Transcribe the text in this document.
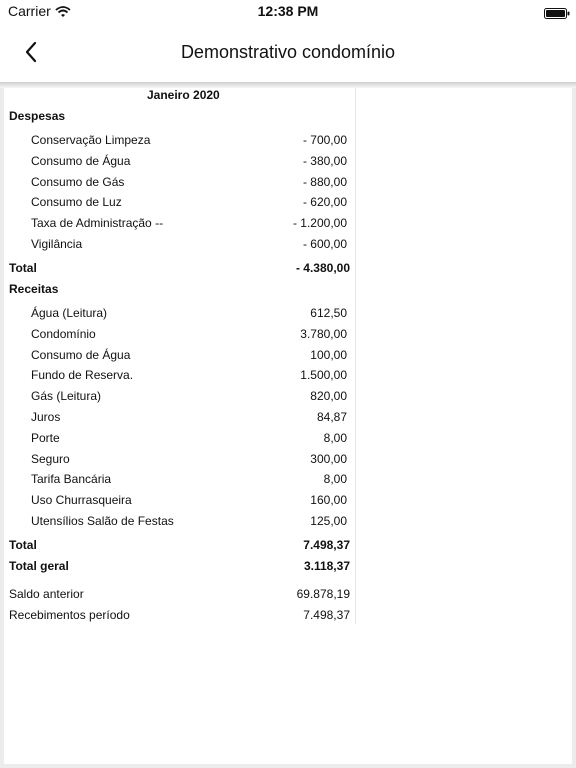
Carrier	12:38 PM
Demonstrativo condomínio
Janeiro 2020
Despesas
Conservação Limpeza	- 700,00
Consumo de Água	- 380,00
Consumo de Gás	- 880,00
Consumo de Luz	- 620,00
Taxa de Administração --	- 1.200,00
Vigilância	- 600,00
Total	- 4.380,00
Receitas
Água (Leitura)	612,50
Condomínio	3.780,00
Consumo de Água	100,00
Fundo de Reserva.	1.500,00
Gás (Leitura)	820,00
Juros	84,87
Porte	8,00
Seguro	300,00
Tarifa Bancária	8,00
Uso Churrasqueira	160,00
Utensílios Salão de Festas	125,00
Total	7.498,37
Total geral	3.118,37
Saldo anterior	69.878,19
Recebimentos período	7.498,37
